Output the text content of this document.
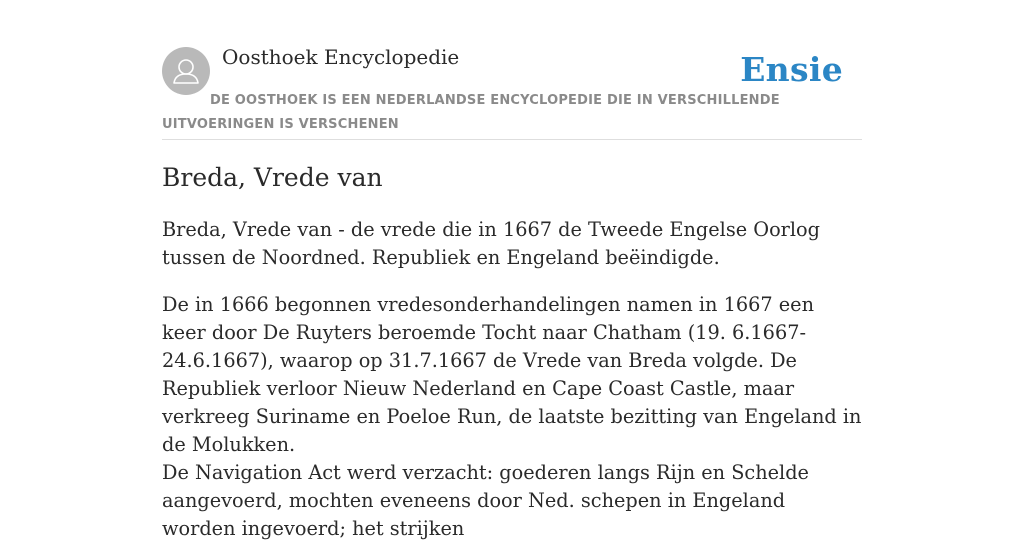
Oosthoek Encyclopedie	Ensie
DE OOSTHOEK IS EEN NEDERLANDSE ENCYCLOPEDIE DIE IN VERSCHILLENDE UITVOERINGEN IS VERSCHENEN
Breda, Vrede van

Breda, Vrede van - de vrede die in 1667 de Tweede Engelse Oorlog tussen de Noordned. Republiek en Engeland beëindigde.

De in 1666 begonnen vredesonderhandelingen namen in 1667 een keer door De Ruyters beroemde Tocht naar Chatham (19. 6.1667-24.6.1667), waarop op 31.7.1667 de Vrede van Breda volgde. De Republiek verloor Nieuw Nederland en Cape Coast Castle, maar verkreeg Suriname en Poeloe Run, de laatste bezitting van Engeland in de Molukken.

De Navigation Act werd verzacht: goederen langs Rijn en Schelde aangevoerd, mochten eveneens door Ned. schepen in Engeland worden ingevoerd; het strijken
